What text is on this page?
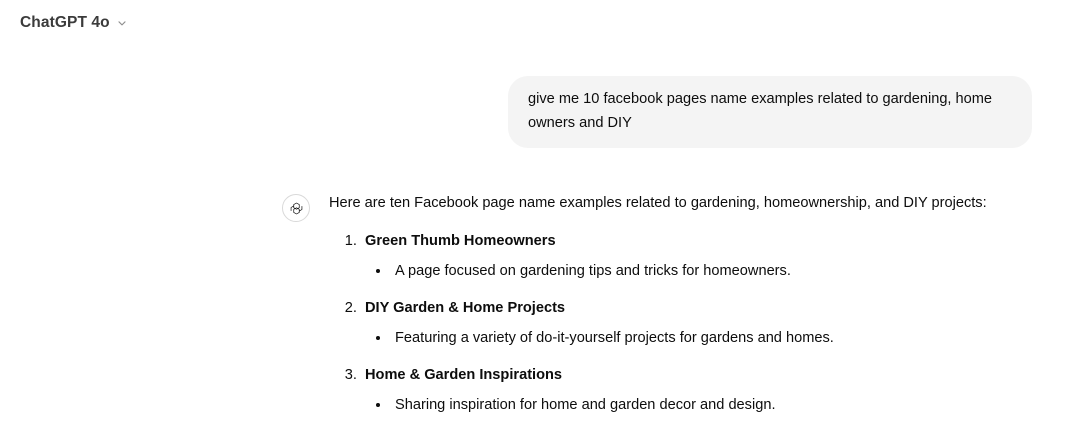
ChatGPT 4o
give me 10 facebook pages name examples related to gardening, home owners and DIY

Here are ten Facebook page name examples related to gardening, homeownership, and DIY projects:

1. Green Thumb Homeowners
• A page focused on gardening tips and tricks for homeowners.
2. DIY Garden & Home Projects
• Featuring a variety of do-it-yourself projects for gardens and homes.
3. Home & Garden Inspirations
• Sharing inspiration for home and garden decor and design.
